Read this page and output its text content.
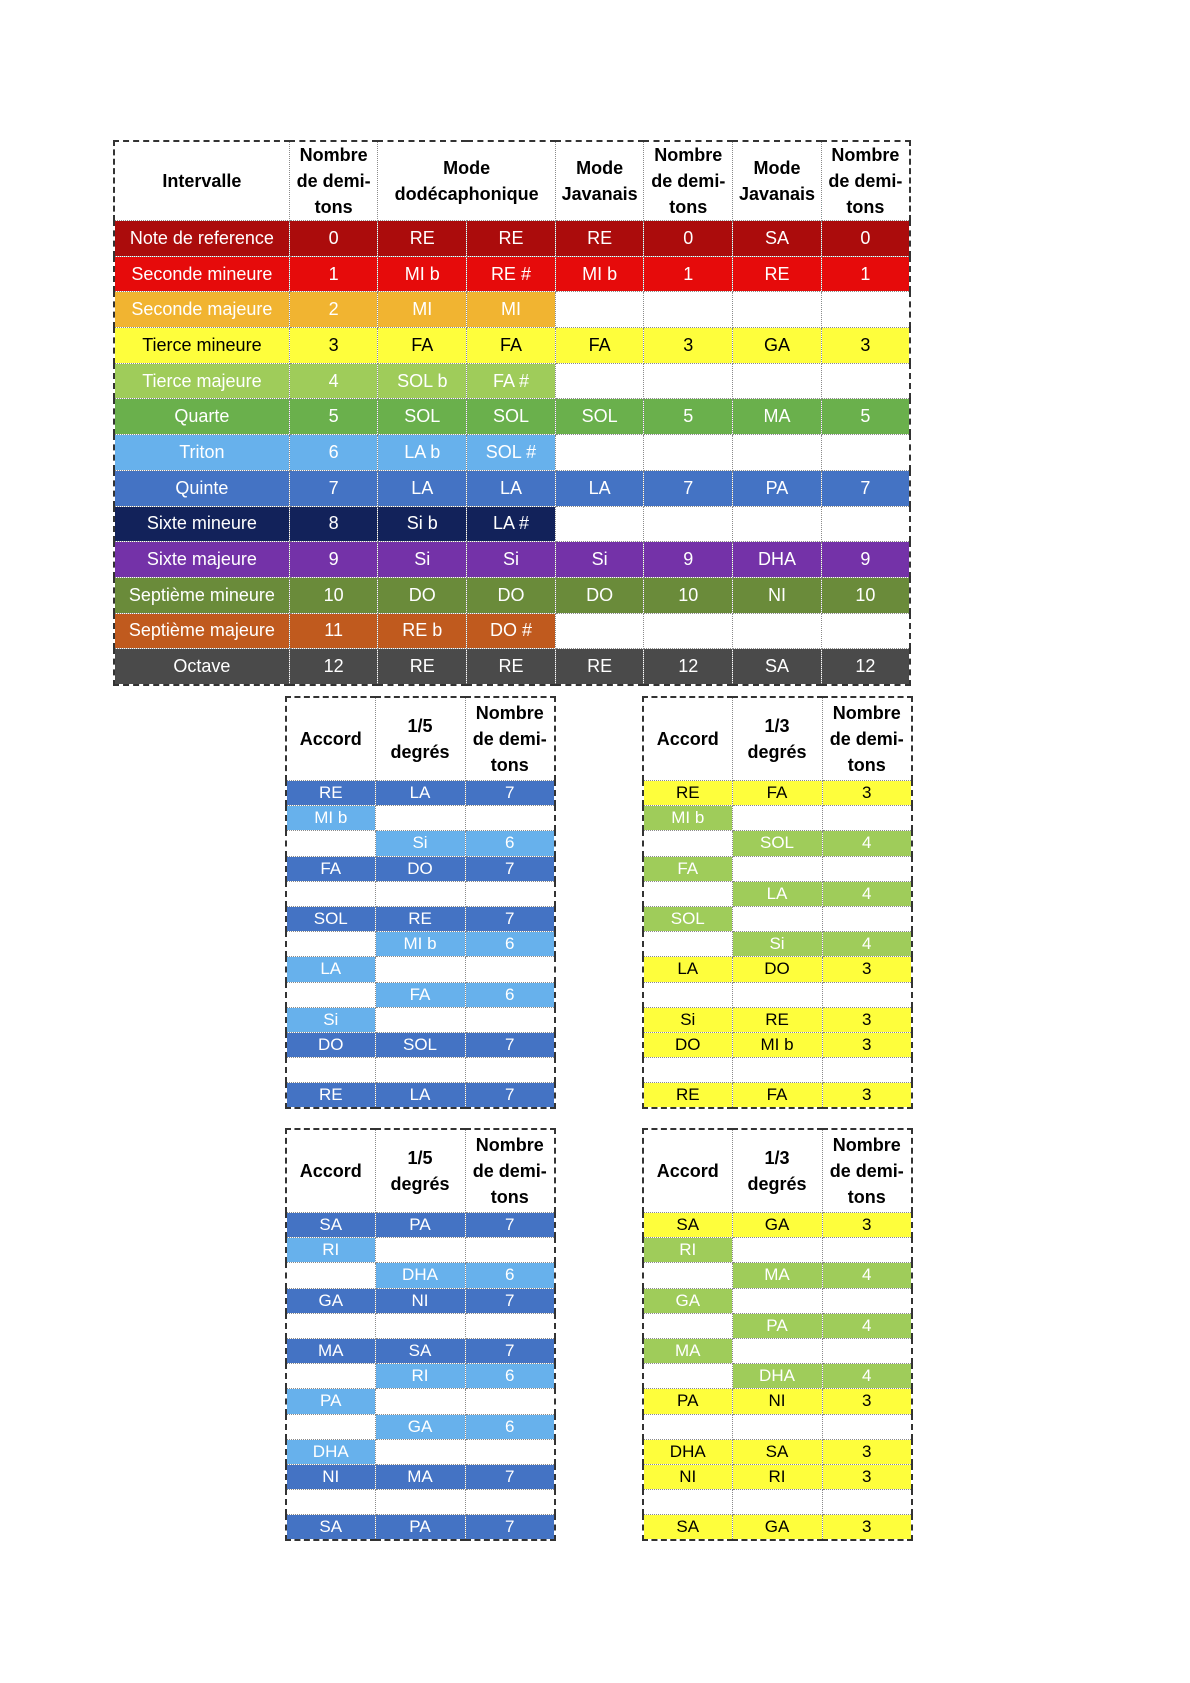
Intervalle	Nombre de demi-tons	Mode dodécaphonique		Mode Javanais	Nombre de demi-tons	Mode Javanais	Nombre de demi-tons
Note de reference	0	RE	RE	RE	0	SA	0
Seconde mineure	1	MI b	RE #	MI b	1	RE	1
Seconde majeure	2	MI	MI				
Tierce mineure	3	FA	FA	FA	3	GA	3
Tierce majeure	4	SOL b	FA #				
Quarte	5	SOL	SOL	SOL	5	MA	5
Triton	6	LA b	SOL #				
Quinte	7	LA	LA	LA	7	PA	7
Sixte mineure	8	Si b	LA #				
Sixte majeure	9	Si	Si	Si	9	DHA	9
Septième mineure	10	DO	DO	DO	10	NI	10
Septième majeure	11	RE b	DO #				
Octave	12	RE	RE	RE	12	SA	12
Accord	1/5 degrés	Nombre de demi-tons
RE	LA	7
MI b		
	Si	6
FA	DO	7

SOL	RE	7
	MI b	6
LA		
	FA	6
Si		
DO	SOL	7

RE	LA	7
Accord	1/3 degrés	Nombre de demi-tons
RE	FA	3
MI b		
	SOL	4
FA		
	LA	4
SOL		
	Si	4
LA	DO	3

Si	RE	3
DO	MI b	3

RE	FA	3
Accord	1/5 degrés	Nombre de demi-tons
SA	PA	7
RI		
	DHA	6
GA	NI	7

MA	SA	7
	RI	6
PA		
	GA	6
DHA		
NI	MA	7

SA	PA	7
Accord	1/3 degrés	Nombre de demi-tons
SA	GA	3
RI		
	MA	4
GA		
	PA	4
MA		
	DHA	4
PA	NI	3

DHA	SA	3
NI	RI	3

SA	GA	3
